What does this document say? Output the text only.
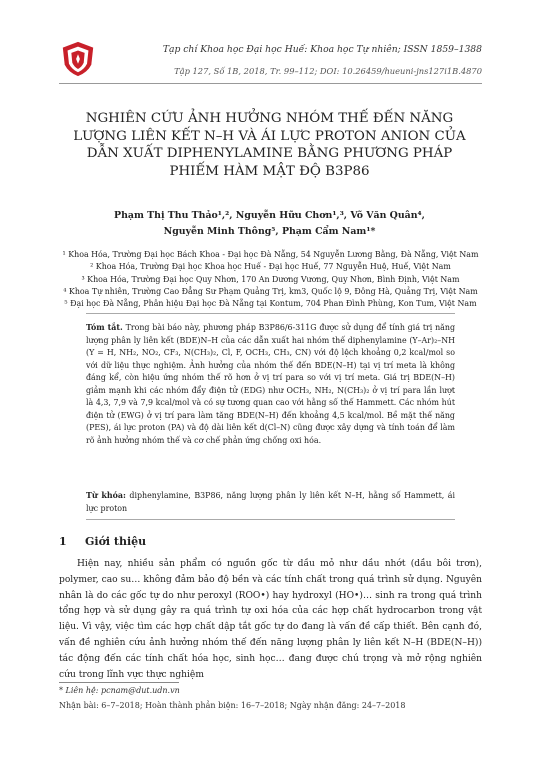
Tạp chí Khoa học Đại học Huế: Khoa học Tự nhiên; ISSN 1859–1388
Tập 127, Số 1B, 2018, Tr. 99–112; DOI: 10.26459/hueuni-jns127i1B.4870
NGHIÊN CỨU ẢNH HƯỞNG NHÓM THẾ ĐẾN NĂNG LƯỢNG LIÊN KẾT N–H VÀ ÁI LỰC PROTON ANION CỦA DẪN XUẤT DIPHENYLAMINE BẰNG PHƯƠNG PHÁP PHIẾM HÀM MẬT ĐỘ B3P86
Phạm Thị Thu Thảo¹,², Nguyễn Hữu Chơn¹,³, Võ Văn Quân⁴,
Nguyễn Minh Thông⁵, Phạm Cẩm Nam¹*
¹ Khoa Hóa, Trường Đại học Bách Khoa - Đại học Đà Nẵng, 54 Nguyễn Lương Bằng, Đà Nẵng, Việt Nam
² Khoa Hóa, Trường Đại học Khoa học Huế - Đại học Huế, 77 Nguyễn Huệ, Huế, Việt Nam
³ Khoa Hóa, Trường Đại học Quy Nhơn, 170 An Dương Vương, Quy Nhơn, Bình Định, Việt Nam
⁴ Khoa Tự nhiên, Trường Cao Đẳng Sư Phạm Quảng Trị, km3, Quốc lộ 9, Đông Hà, Quảng Trị, Việt Nam
⁵ Đại học Đà Nẵng, Phân hiệu Đại học Đà Nẵng tại Kontum, 704 Phan Đình Phùng, Kon Tum, Việt Nam

Tóm tắt. Trong bài báo này, phương pháp B3P86/6-311G được sử dụng để tính giá trị năng lượng phân ly liên kết (BDE)N–H của các dẫn xuất hai nhóm thế diphenylamine (Y–Ar)₂–NH (Y = H, NH₂, NO₂, CF₃, N(CH₃)₂, Cl, F, OCH₃, CH₃, CN) với độ lệch khoảng 0,2 kcal/mol so với dữ liệu thực nghiệm. Ảnh hưởng của nhóm thế đến BDE(N–H) tại vị trí meta là không đáng kể, còn hiệu ứng nhóm thế rõ hơn ở vị trí para so với vị trí meta. Giá trị BDE(N–H) giảm mạnh khi các nhóm đẩy điện tử (EDG) như OCH₃, NH₂, N(CH₃)₂ ở vị trí para lần lượt là 4,3, 7,9 và 7,9 kcal/mol và có sự tương quan cao với hằng số thế Hammett. Các nhóm hút điện tử (EWG) ở vị trí para làm tăng BDE(N–H) đến khoảng 4,5 kcal/mol. Bề mặt thế năng (PES), ái lực proton (PA) và độ dài liên kết d(Cl–N) cũng được xây dựng và tính toán để làm rõ ảnh hưởng nhóm thế và cơ chế phản ứng chống oxi hóa.

Từ khóa: diphenylamine, B3P86, năng lượng phân ly liên kết N–H, hằng số Hammett, ái lực proton

1 Giới thiệu

Hiện nay, nhiều sản phẩm có nguồn gốc từ dầu mỏ như dầu nhớt (dầu bôi trơn), polymer, cao su… không đảm bảo độ bền và các tính chất trong quá trình sử dụng. Nguyên nhân là do các gốc tự do như peroxyl (ROO•) hay hydroxyl (HO•)… sinh ra trong quá trình tổng hợp và sử dụng gây ra quá trình tự oxi hóa của các hợp chất hydrocarbon trong vật liệu. Vì vậy, việc tìm các hợp chất dập tắt gốc tự do đang là vấn đề cấp thiết. Bên cạnh đó, vấn đề nghiên cứu ảnh hưởng nhóm thế đến năng lượng phân ly liên kết N–H (BDE(N–H)) tác động đến các tính chất hóa học, sinh học… đang được chú trọng và mở rộng nghiên cứu trong lĩnh vực thực nghiệm

* Liên hệ: pcnam@dut.udn.vn
Nhận bài: 6–7–2018; Hoàn thành phản biện: 16–7–2018; Ngày nhận đăng: 24–7–2018
